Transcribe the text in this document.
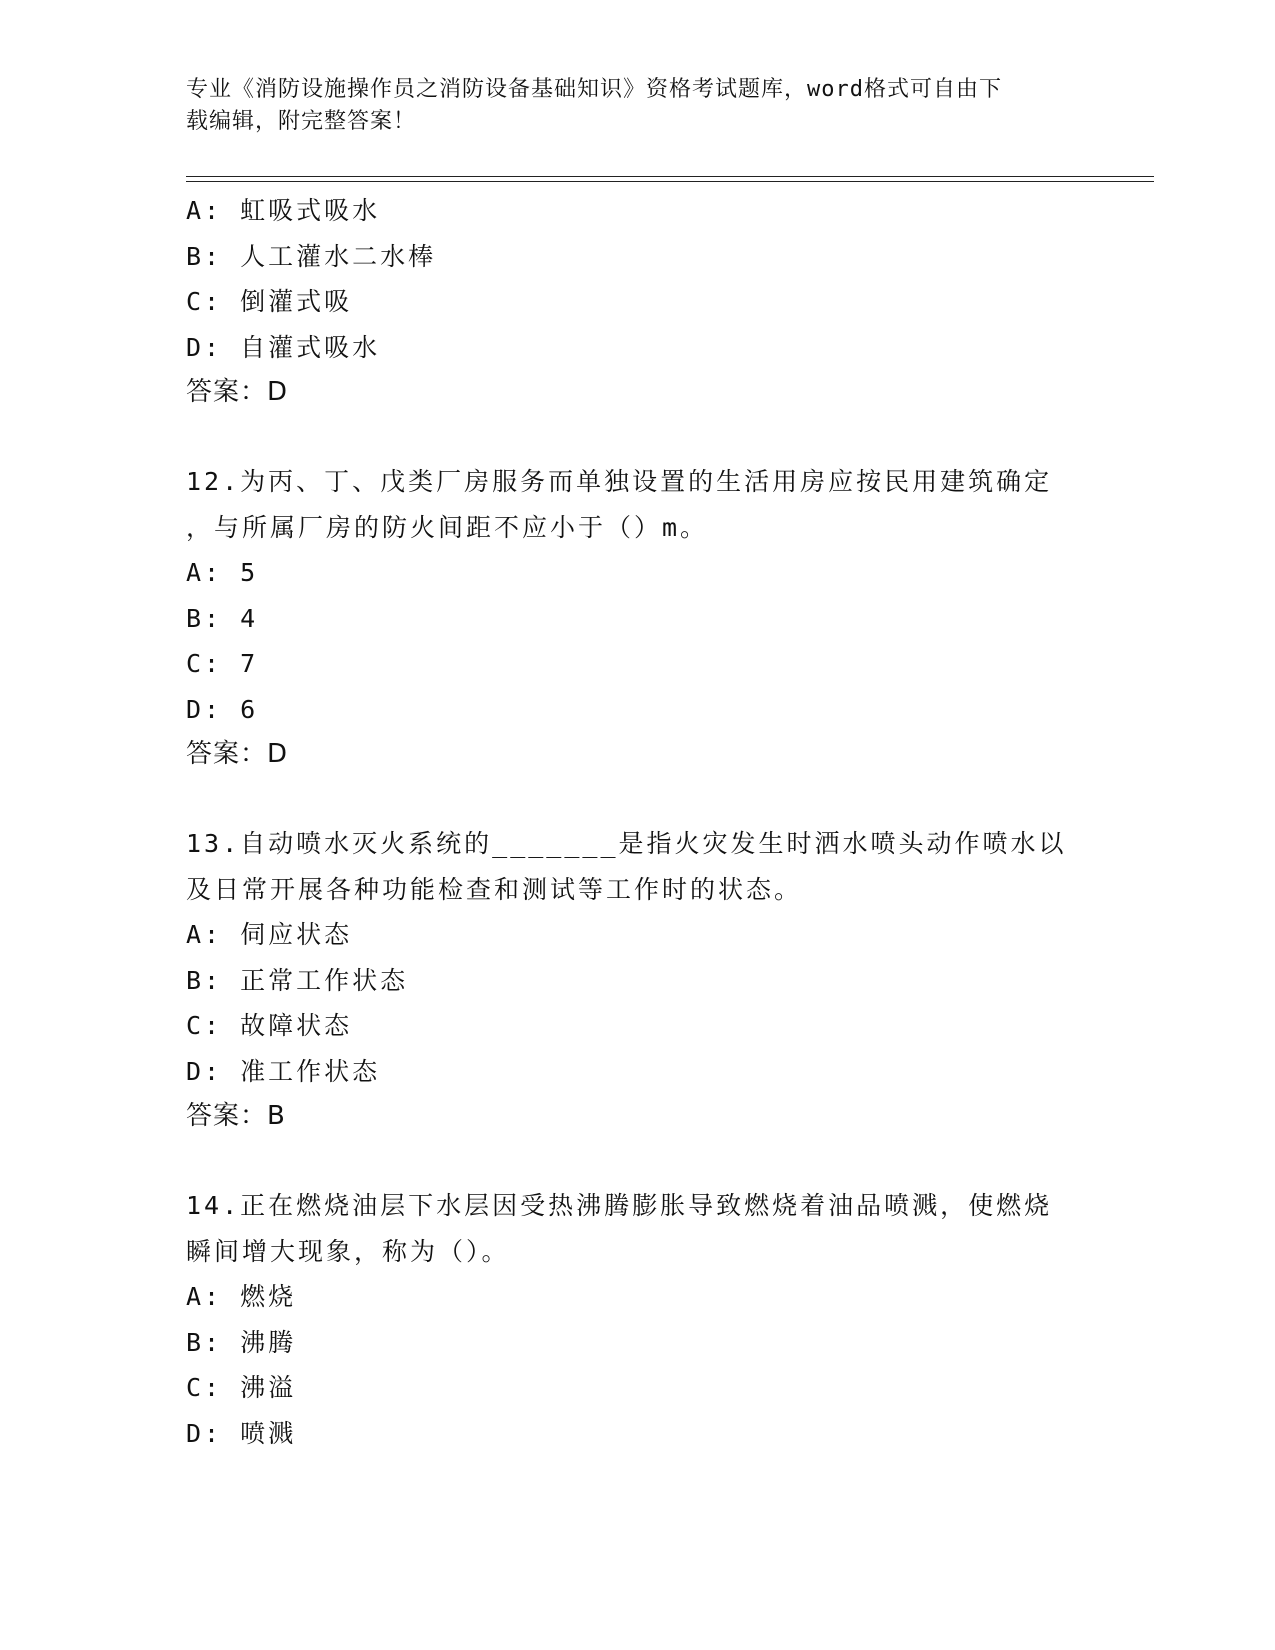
专业《消防设施操作员之消防设备基础知识》资格考试题库，word格式可自由下
载编辑，附完整答案！
A: 虹吸式吸水
B: 人工灌水二水棒
C: 倒灌式吸
D: 自灌式吸水
答案：D
12.为丙、丁、戊类厂房服务而单独设置的生活用房应按民用建筑确定
，与所属厂房的防火间距不应小于（）m。
A: 5
B: 4
C: 7
D: 6
答案：D
13.自动喷水灭火系统的_______是指火灾发生时洒水喷头动作喷水以
及日常开展各种功能检查和测试等工作时的状态。
A: 伺应状态
B: 正常工作状态
C: 故障状态
D: 准工作状态
答案：B
14.正在燃烧油层下水层因受热沸腾膨胀导致燃烧着油品喷溅，使燃烧
瞬间增大现象，称为（）。
A: 燃烧
B: 沸腾
C: 沸溢
D: 喷溅
